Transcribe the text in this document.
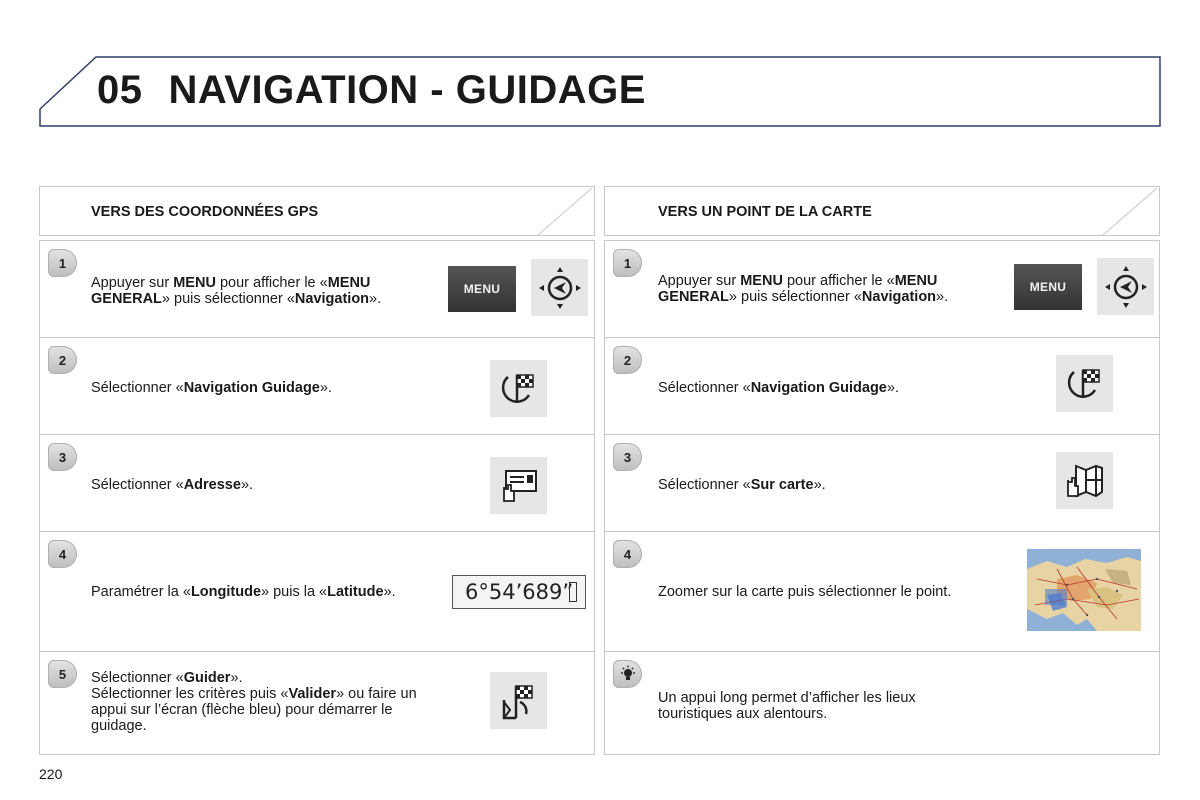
05 NAVIGATION - GUIDAGE
VERS DES COORDONNÉES GPS
1
Appuyer sur MENU pour afficher le «MENU GENERAL» puis sélectionner «Navigation».
MENU
2
Sélectionner «Navigation Guidage».
3
Sélectionner «Adresse».
4
Paramétrer la «Longitude» puis la «Latitude».	6°54’689”
5	Sélectionner «Guider».
Sélectionner les critères puis «Valider» ou faire un appui sur l’écran (flèche bleu) pour démarrer le guidage.
VERS UN POINT DE LA CARTE
1
Appuyer sur MENU pour afficher le «MENU GENERAL» puis sélectionner «Navigation».
MENU
2
Sélectionner «Navigation Guidage».
3
Sélectionner «Sur carte».
4
Zoomer sur la carte puis sélectionner le point.
Un appui long permet d’afficher les lieux touristiques aux alentours.
220
